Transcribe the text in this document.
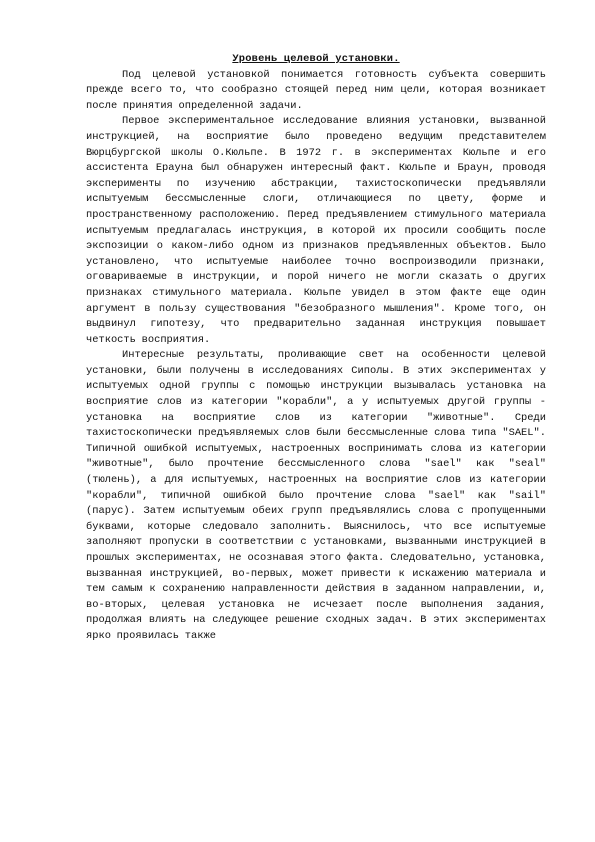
Уровень целевой установки.

Под целевой установкой понимается готовность субъекта совершить прежде всего то, что сообразно стоящей перед ним цели, которая возникает после принятия определенной задачи.

Первое экспериментальное исследование влияния установки, вызванной инструкцией, на восприятие было проведено ведущим представителем Вюрцбургской школы О.Кюльпе. В 1972 г. в экспериментах Кюльпе и его ассистента Ераунa был обнаружен интересный факт. Кюльпе и Браун, проводя эксперименты по изучению абстракции, тахистоскопически предъявляли испытуемым бессмысленные слоги, отличающиеся по цвету, форме и пространственному расположению. Перед предъявлением стимульного материала испытуемым предлагалась инструкция, в которой их просили сообщить после экспозиции о каком-либо одном из признаков предъявленных объектов. Было установлено, что испытуемые наиболее точно воспроизводили признаки, оговариваемые в инструкции, и порой ничего не могли сказать о других признаках стимульного материала. Кюльпе увидел в этом факте еще один аргумент в пользу существования "безобразного мышления". Кроме того, он выдвинул гипотезу, что предварительно заданная инструкция повышает четкость восприятия.

Интересные результаты, проливающие свет на особенности целевой установки, были получены в исследованиях Сиполы. В этих экспериментах у испытуемых одной группы с помощью инструкции вызывалась установка на восприятие слов из категории "корабли", а у испытуемых другой группы - установка на восприятие слов из категории "животные". Среди тахистоскопически предъявляемых слов были бессмысленные слова типа "SAEL". Типичной ошибкой испытуемых, настроенных воспринимать слова из категории "животные", было прочтение бессмысленного слова "sael" как "seal" (тюлень), а для испытуемых, настроенных на восприятие слов из категории "корабли", типичной ошибкой было прочтение слова "sael" как "sail" (парус). Затем испытуемым обеих групп предъявлялись слова с пропущенными буквами, которые следовало заполнить. Выяснилось, что все испытуемые заполняют пропуски в соответствии с установками, вызванными инструкцией в прошлых экспериментах, не осознавая этого факта. Следовательно, установка, вызванная инструкцией, во-первых, может привести к искажению материала и тем самым к сохранению направленности действия в заданном направлении, и, во-вторых, целевая установка не исчезает после выполнения задания, продолжая влиять на следующее решение сходных задач. В этих экспериментах ярко проявилась также
